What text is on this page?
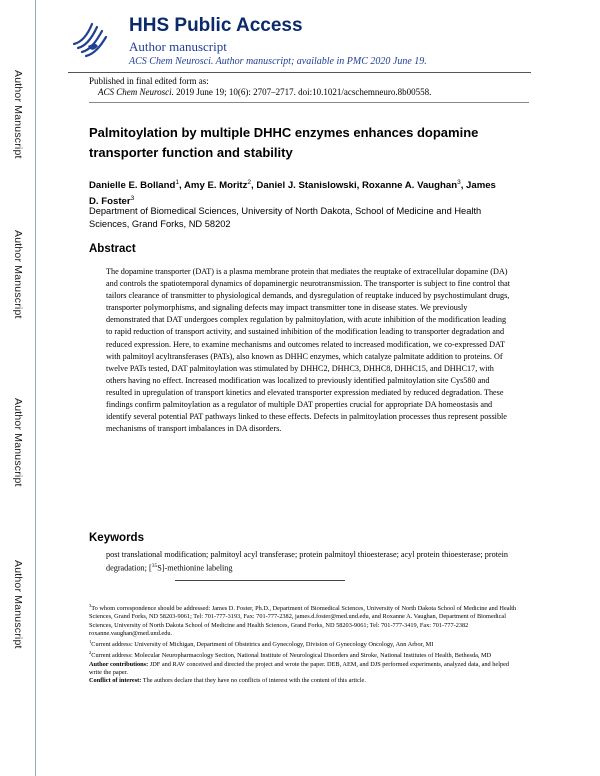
Author Manuscript
Author Manuscript
Author Manuscript
Author Manuscript
HHS Public Access
Author manuscript
ACS Chem Neurosci. Author manuscript; available in PMC 2020 June 19.
Published in final edited form as:
ACS Chem Neurosci. 2019 June 19; 10(6): 2707–2717. doi:10.1021/acschemneuro.8b00558.
Palmitoylation by multiple DHHC enzymes enhances dopamine transporter function and stability
Danielle E. Bolland$^1$, Amy E. Moritz$^2$, Daniel J. Stanislowski, Roxanne A. Vaughan$^3$, James
D. Foster$^3$
Department of Biomedical Sciences, University of North Dakota, School of Medicine and Health Sciences, Grand Forks, ND 58202
Abstract
The dopamine transporter (DAT) is a plasma membrane protein that mediates the reuptake of extracellular dopamine (DA) and controls the spatiotemporal dynamics of dopaminergic neurotransmission. The transporter is subject to fine control that tailors clearance of transmitter to physiological demands, and dysregulation of reuptake induced by psychostimulant drugs, transporter polymorphisms, and signaling defects may impact transmitter tone in disease states. We previously demonstrated that DAT undergoes complex regulation by palmitoylation, with acute inhibition of the modification leading to rapid reduction of transport activity, and sustained inhibition of the modification leading to transporter degradation and reduced expression. Here, to examine mechanisms and outcomes related to increased modification, we co-expressed DAT with palmitoyl acyltransferases (PATs), also known as DHHC enzymes, which catalyze palmitate addition to proteins. Of twelve PATs tested, DAT palmitoylation was stimulated by DHHC2, DHHC3, DHHC8, DHHC15, and DHHC17, with others having no effect. Increased modification was localized to previously identified palmitoylation site Cys580 and resulted in upregulation of transport kinetics and elevated transporter expression mediated by reduced degradation. These findings confirm palmitoylation as a regulator of multiple DAT properties crucial for appropriate DA homeostasis and identify several potential PAT pathways linked to these effects. Defects in palmitoylation processes thus represent possible mechanisms of transport imbalances in DA disorders.
Keywords
post translational modification; palmitoyl acyl transferase; protein palmitoyl thioesterase; acyl protein thioesterase; protein degradation; [$^{35}$S]-methionine labeling

$^3$To whom correspondence should be addressed: James D. Foster, Ph.D., Department of Biomedical Sciences, University of North Dakota School of Medicine and Health Sciences, Grand Forks, ND 58203-9061; Tel: 701-777-3193, Fax: 701-777-2382, james.d.foster@med.und.edu, and Roxanne A. Vaughan, Department of Biomedical Sciences, University of North Dakota School of Medicine and Health Sciences, Grand Forks, ND 58203-9061; Tel: 701-777-3419, Fax: 701-777-2382 roxanne.vaughan@med.und.edu.

$^1$Current address: University of Michigan, Department of Obstetrics and Gynecology, Division of Gynecology Oncology, Ann Arbor, MI

$^2$Current address: Molecular Neuropharmacology Section, National Institute of Neurological Disorders and Stroke, National Institutes of Health, Bethesda, MD

Author contributions: JDF and RAV conceived and directed the project and wrote the paper. DEB, AEM, and DJS performed experiments, analyzed data, and helped write the paper.

Conflict of interest: The authors declare that they have no conflicts of interest with the content of this article.
